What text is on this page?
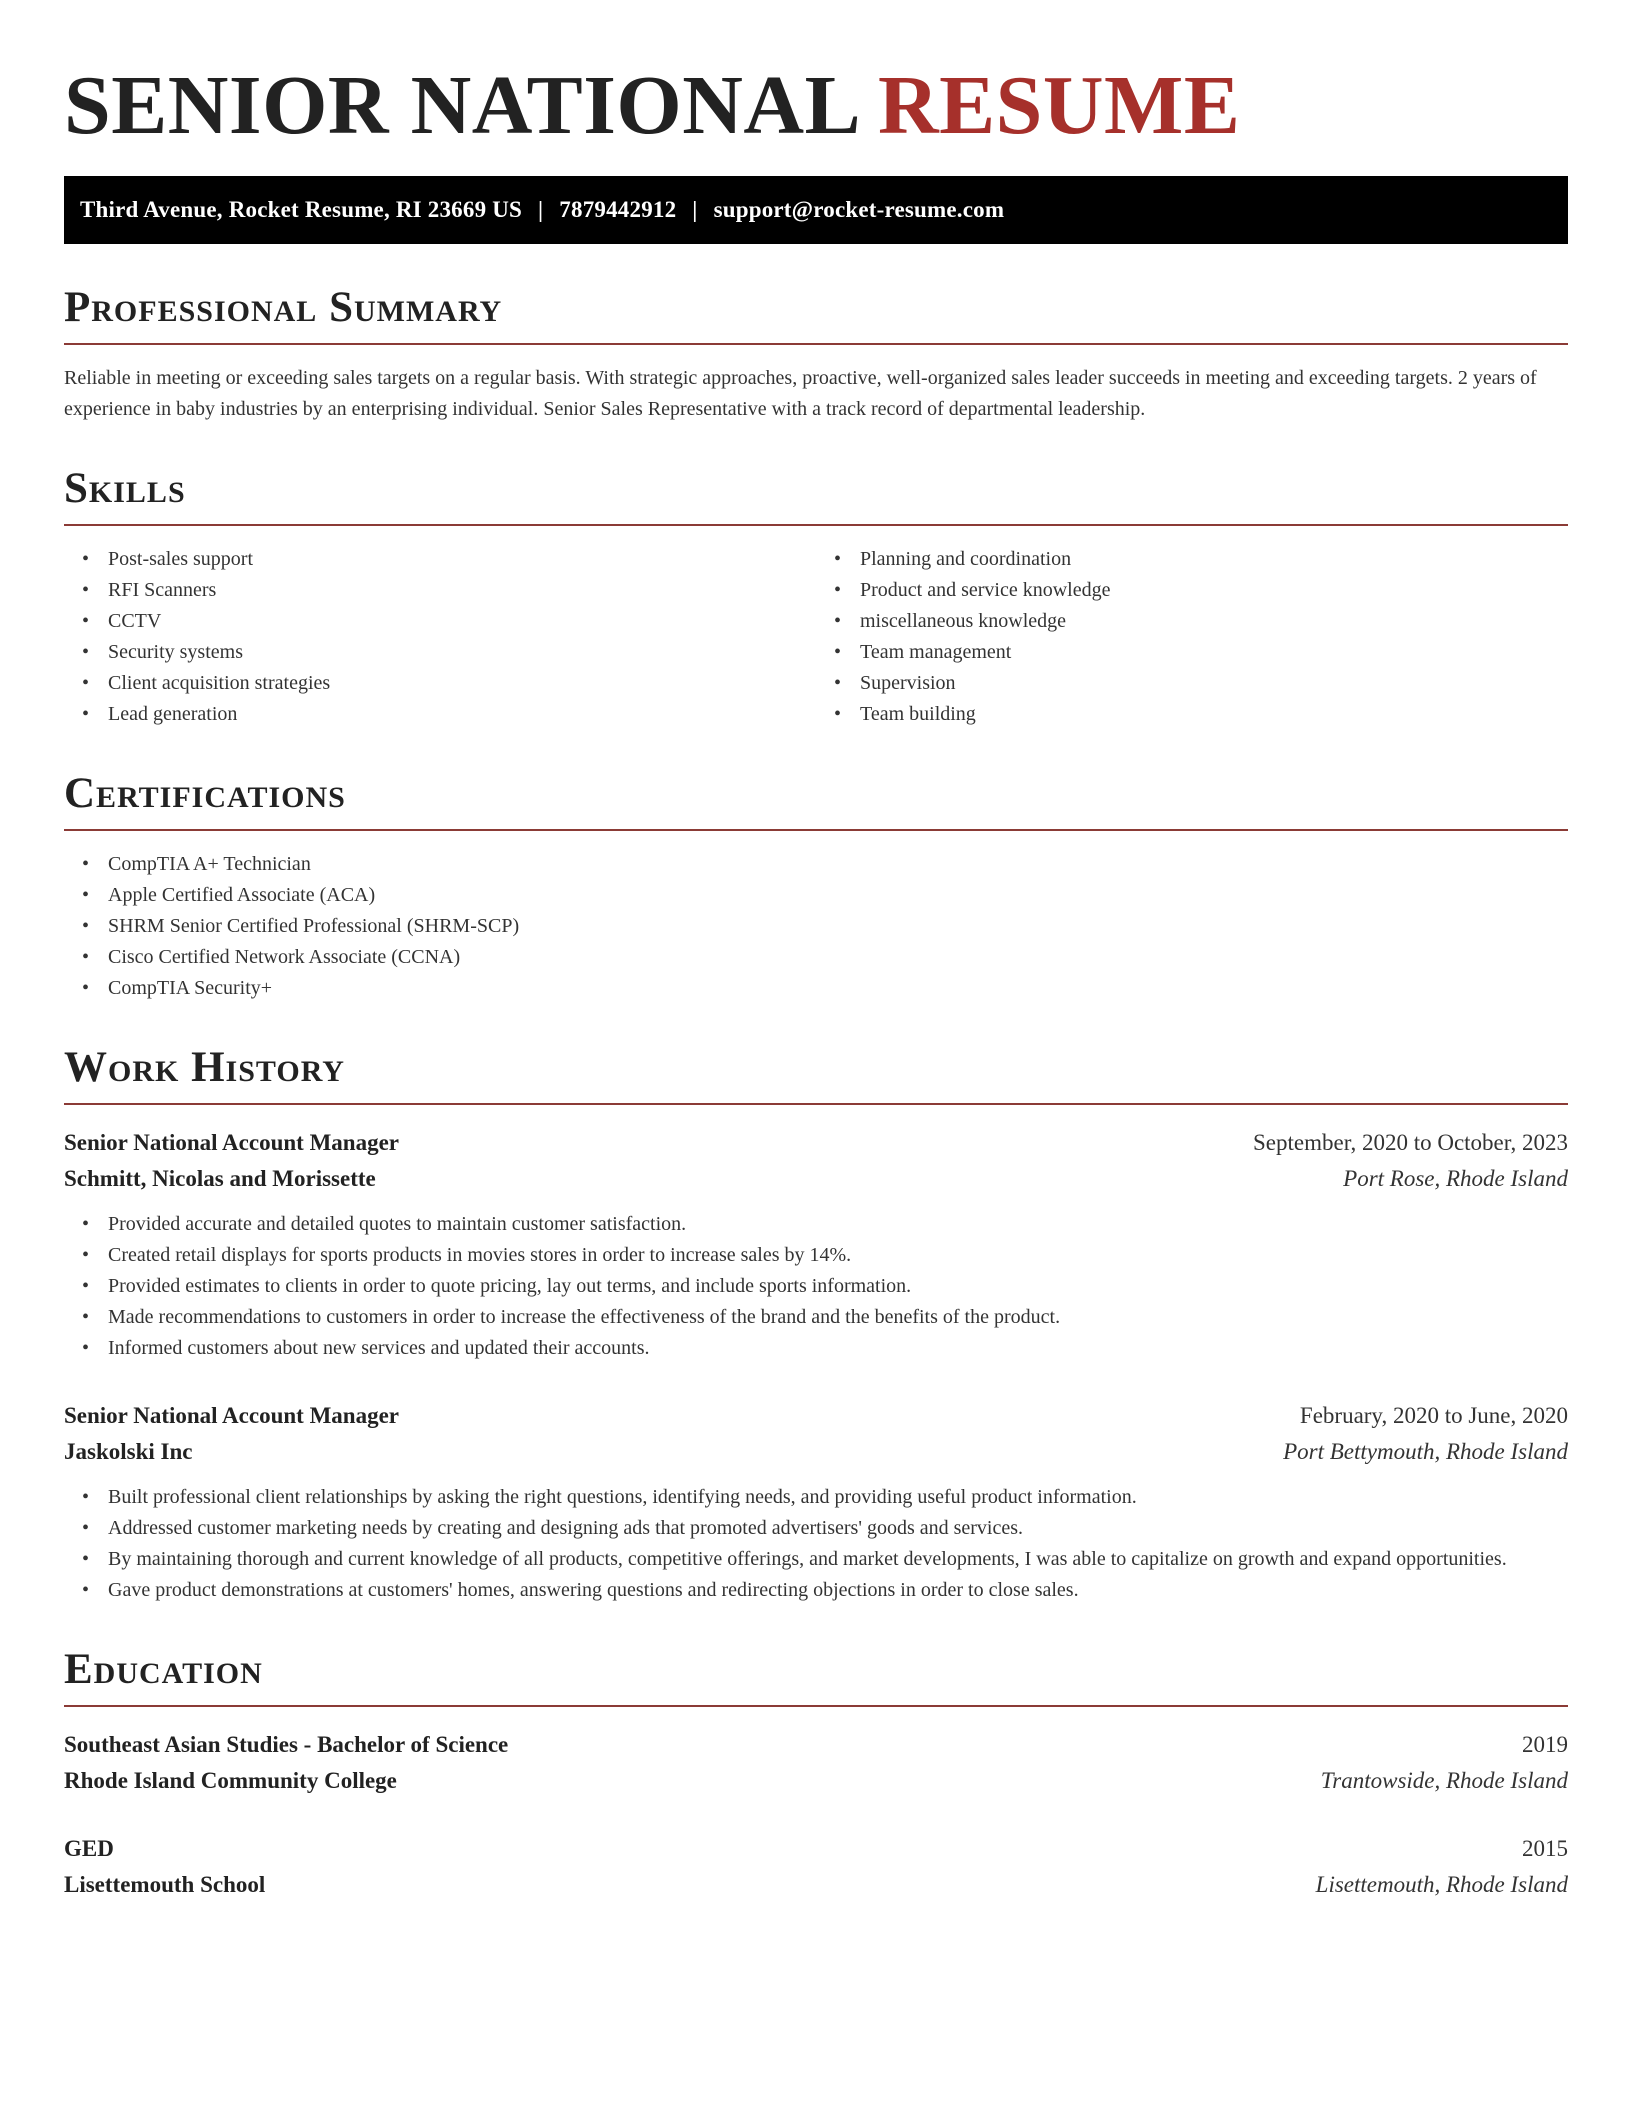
SENIOR NATIONAL RESUME
Third Avenue, Rocket Resume, RI 23669 US | 7879442912 | support@rocket-resume.com
Professional Summary

Reliable in meeting or exceeding sales targets on a regular basis. With strategic approaches, proactive, well-organized sales leader succeeds in meeting and exceeding targets. 2 years of experience in baby industries by an enterprising individual. Senior Sales Representative with a track record of departmental leadership.

Skills
• Post-sales support
• RFI Scanners
• CCTV
• Security systems
• Client acquisition strategies
• Lead generation
• Planning and coordination
• Product and service knowledge
• miscellaneous knowledge
• Team management
• Supervision
• Team building
Certifications
• CompTIA A+ Technician
• Apple Certified Associate (ACA)
• SHRM Senior Certified Professional (SHRM-SCP)
• Cisco Certified Network Associate (CCNA)
• CompTIA Security+
Work History
Senior National Account Manager	September, 2020 to October, 2023
Schmitt, Nicolas and Morissette	Port Rose, Rhode Island
• Provided accurate and detailed quotes to maintain customer satisfaction.
• Created retail displays for sports products in movies stores in order to increase sales by 14%.
• Provided estimates to clients in order to quote pricing, lay out terms, and include sports information.
• Made recommendations to customers in order to increase the effectiveness of the brand and the benefits of the product.
• Informed customers about new services and updated their accounts.
Senior National Account Manager	February, 2020 to June, 2020
Jaskolski Inc	Port Bettymouth, Rhode Island
• Built professional client relationships by asking the right questions, identifying needs, and providing useful product information.
• Addressed customer marketing needs by creating and designing ads that promoted advertisers' goods and services.
• By maintaining thorough and current knowledge of all products, competitive offerings, and market developments, I was able to capitalize on growth and expand opportunities.
• Gave product demonstrations at customers' homes, answering questions and redirecting objections in order to close sales.
Education
Southeast Asian Studies - Bachelor of Science	2019
Rhode Island Community College	Trantowside, Rhode Island
GED	2015
Lisettemouth School	Lisettemouth, Rhode Island
